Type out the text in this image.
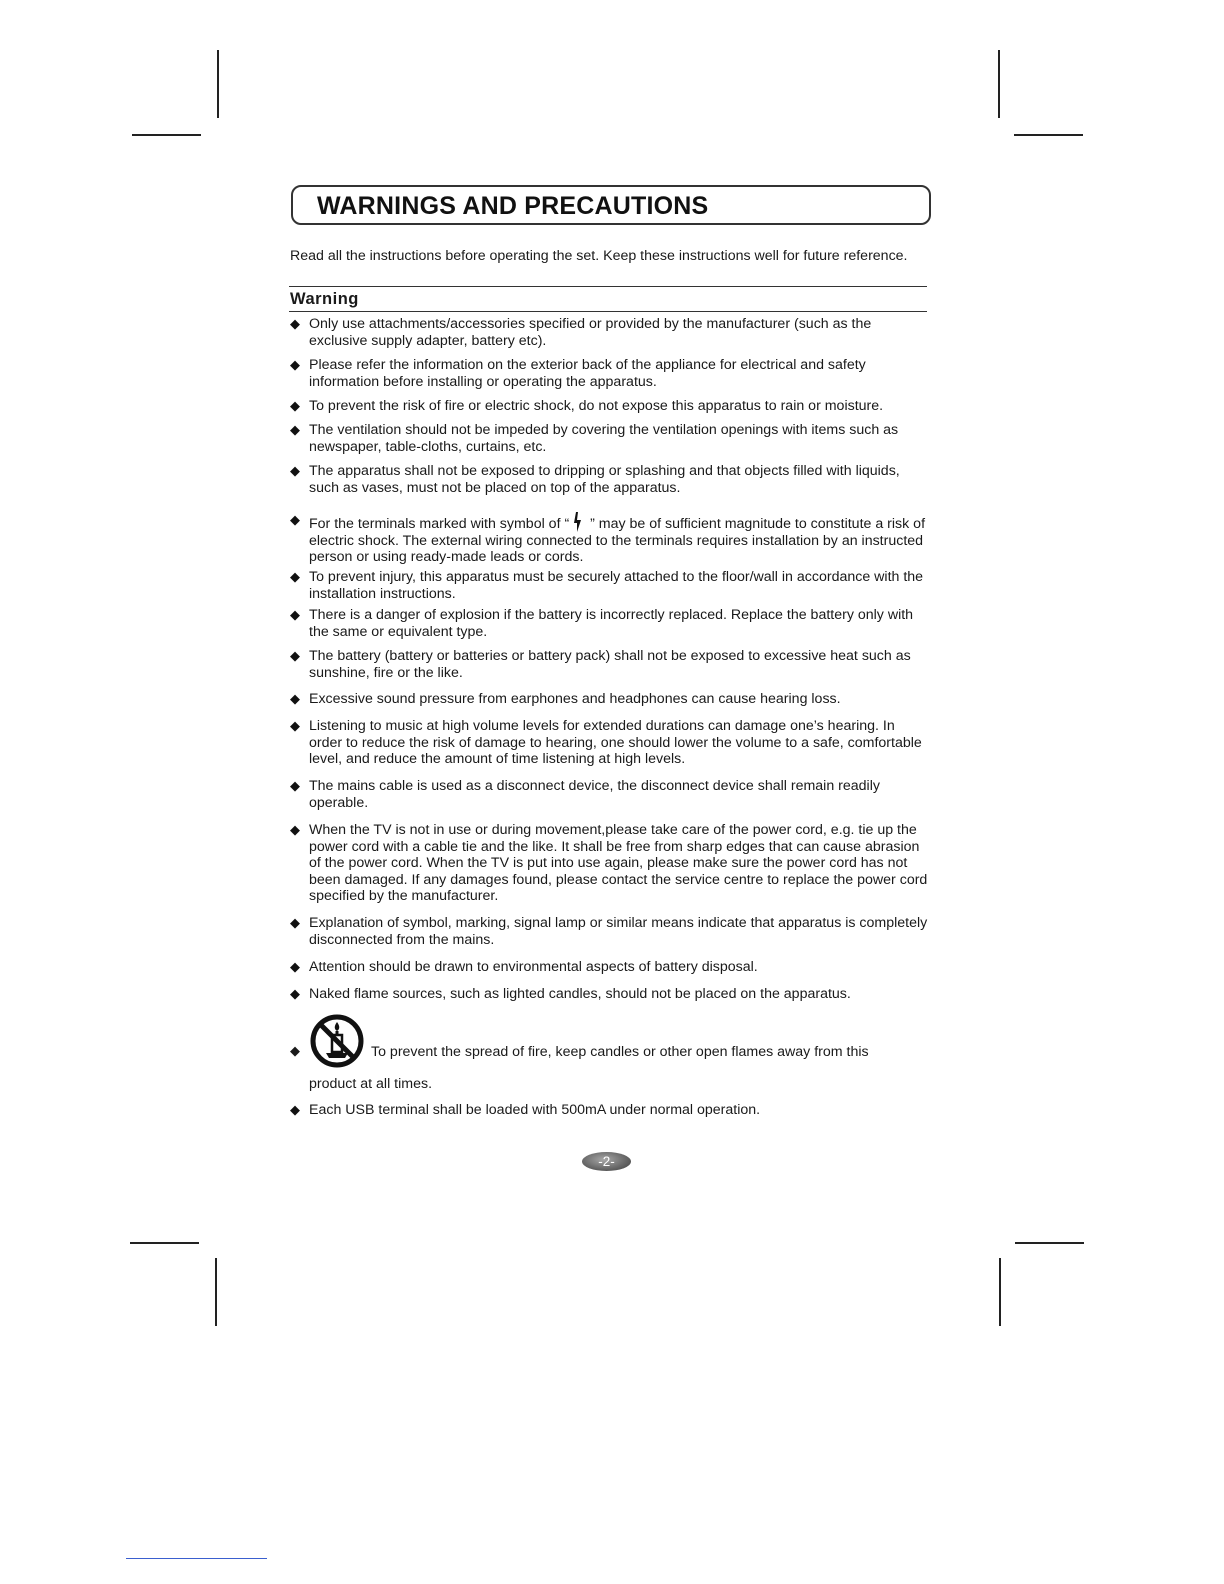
WARNINGS AND PRECAUTIONS
Read all the instructions before operating the set. Keep these instructions well for future reference.
Warning
◆ Only use attachments/accessories specified or provided by the manufacturer (such as the exclusive supply adapter, battery etc).
◆ Please refer the information on the exterior back of the appliance for electrical and safety information before installing or operating the apparatus.
◆ To prevent the risk of fire or electric shock, do not expose this apparatus to rain or moisture.
◆ The ventilation should not be impeded by covering the ventilation openings with items such as newspaper, table-cloths, curtains, etc.
◆ The apparatus shall not be exposed to dripping or splashing and that objects filled with liquids, such as vases, must not be placed on top of the apparatus.
◆ For the terminals marked with symbol of “ ” may be of sufficient magnitude to constitute a risk of electric shock. The external wiring connected to the terminals requires installation by an instructed person or using ready-made leads or cords.
◆ To prevent injury, this apparatus must be securely attached to the floor/wall in accordance with the installation instructions.
◆ There is a danger of explosion if the battery is incorrectly replaced. Replace the battery only with the same or equivalent type.
◆ The battery (battery or batteries or battery pack) shall not be exposed to excessive heat such as sunshine, fire or the like.
◆ Excessive sound pressure from earphones and headphones can cause hearing loss.
◆ Listening to music at high volume levels for extended durations can damage one’s hearing. In order to reduce the risk of damage to hearing, one should lower the volume to a safe, comfortable level, and reduce the amount of time listening at high levels.
◆ The mains cable is used as a disconnect device, the disconnect device shall remain readily operable.
◆ When the TV is not in use or during movement,please take care of the power cord, e.g. tie up the power cord with a cable tie and the like. It shall be free from sharp edges that can cause abrasion of the power cord. When the TV is put into use again, please make sure the power cord has not been damaged. If any damages found, please contact the service centre to replace the power cord specified by the manufacturer.
◆ Explanation of symbol, marking, signal lamp or similar means indicate that apparatus is completely disconnected from the mains.
◆ Attention should be drawn to environmental aspects of battery disposal.
◆ Naked flame sources, such as lighted candles, should not be placed on the apparatus.
◆	To prevent the spread of fire, keep candles or other open flames away from this
product at all times.
◆ Each USB terminal shall be loaded with 500mA under normal operation.
-2-
